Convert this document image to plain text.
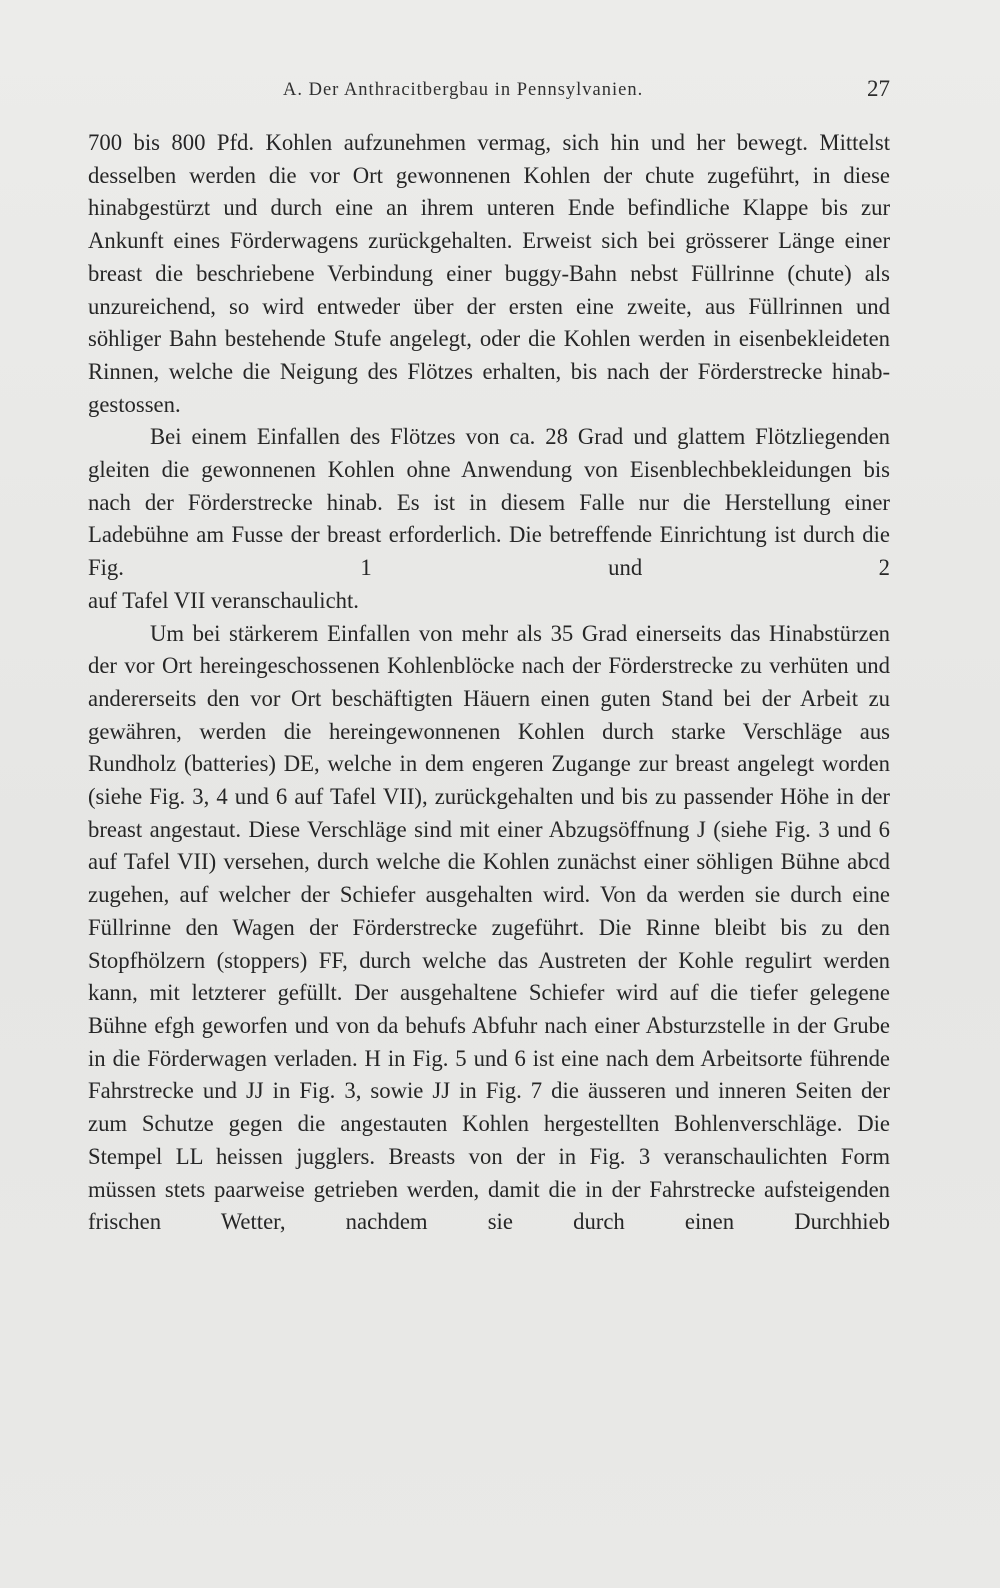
A. Der Anthracitbergbau in Pennsylvanien.	27

700 bis 800 Pfd. Kohlen aufzunehmen vermag, sich hin und her bewegt. Mittelst desselben werden die vor Ort gewonnenen Kohlen der chute zugeführt, in diese hinabgestürzt und durch eine an ihrem unteren Ende befindliche Klappe bis zur Ankunft eines Förderwagens zurückgehalten. Erweist sich bei grösserer Länge einer breast die beschriebene Verbindung einer buggy-Bahn nebst Füllrinne (chute) als unzureichend, so wird entweder über der ersten eine zweite, aus Füllrinnen und söhliger Bahn bestehende Stufe angelegt, oder die Kohlen werden in eisenbekleideten Rinnen, welche die Neigung des Flötzes erhalten, bis nach der Förderstrecke hinab-

gestossen.

Bei einem Einfallen des Flötzes von ca. 28 Grad und glattem Flötzliegenden gleiten die gewonnenen Kohlen ohne Anwendung von Eisenblechbekleidungen bis nach der Förderstrecke hinab. Es ist in diesem Falle nur die Herstellung einer Ladebühne am Fusse der breast erforderlich. Die betreffende Einrichtung ist durch die Fig. 1 und 2

auf Tafel VII veranschaulicht.

Um bei stärkerem Einfallen von mehr als 35 Grad einerseits das Hinabstürzen der vor Ort hereingeschossenen Kohlenblöcke nach der Förderstrecke zu verhüten und andererseits den vor Ort beschäftigten Häuern einen guten Stand bei der Arbeit zu gewähren, werden die hereingewonnenen Kohlen durch starke Verschläge aus Rundholz (batteries) DE, welche in dem engeren Zugange zur breast angelegt worden (siehe Fig. 3, 4 und 6 auf Tafel VII), zurückgehalten und bis zu passender Höhe in der breast angestaut. Diese Verschläge sind mit einer Abzugsöffnung J (siehe Fig. 3 und 6 auf Tafel VII) versehen, durch welche die Kohlen zunächst einer söhligen Bühne abcd zugehen, auf welcher der Schiefer ausgehalten wird. Von da werden sie durch eine Füllrinne den Wagen der Förderstrecke zugeführt. Die Rinne bleibt bis zu den Stopfhölzern (stoppers) FF, durch welche das Austreten der Kohle regulirt werden kann, mit letzterer gefüllt. Der ausgehaltene Schiefer wird auf die tiefer gelegene Bühne efgh geworfen und von da behufs Abfuhr nach einer Absturzstelle in der Grube in die Förderwagen verladen. H in Fig. 5 und 6 ist eine nach dem Arbeitsorte führende Fahrstrecke und JJ in Fig. 3, sowie JJ in Fig. 7 die äusseren und inneren Seiten der zum Schutze gegen die angestauten Kohlen hergestellten Bohlenverschläge. Die Stempel LL heissen jugglers. Breasts von der in Fig. 3 veranschaulichten Form müssen stets paarweise getrieben werden, damit die in der Fahrstrecke aufsteigenden frischen Wetter, nachdem sie durch einen Durchhieb
